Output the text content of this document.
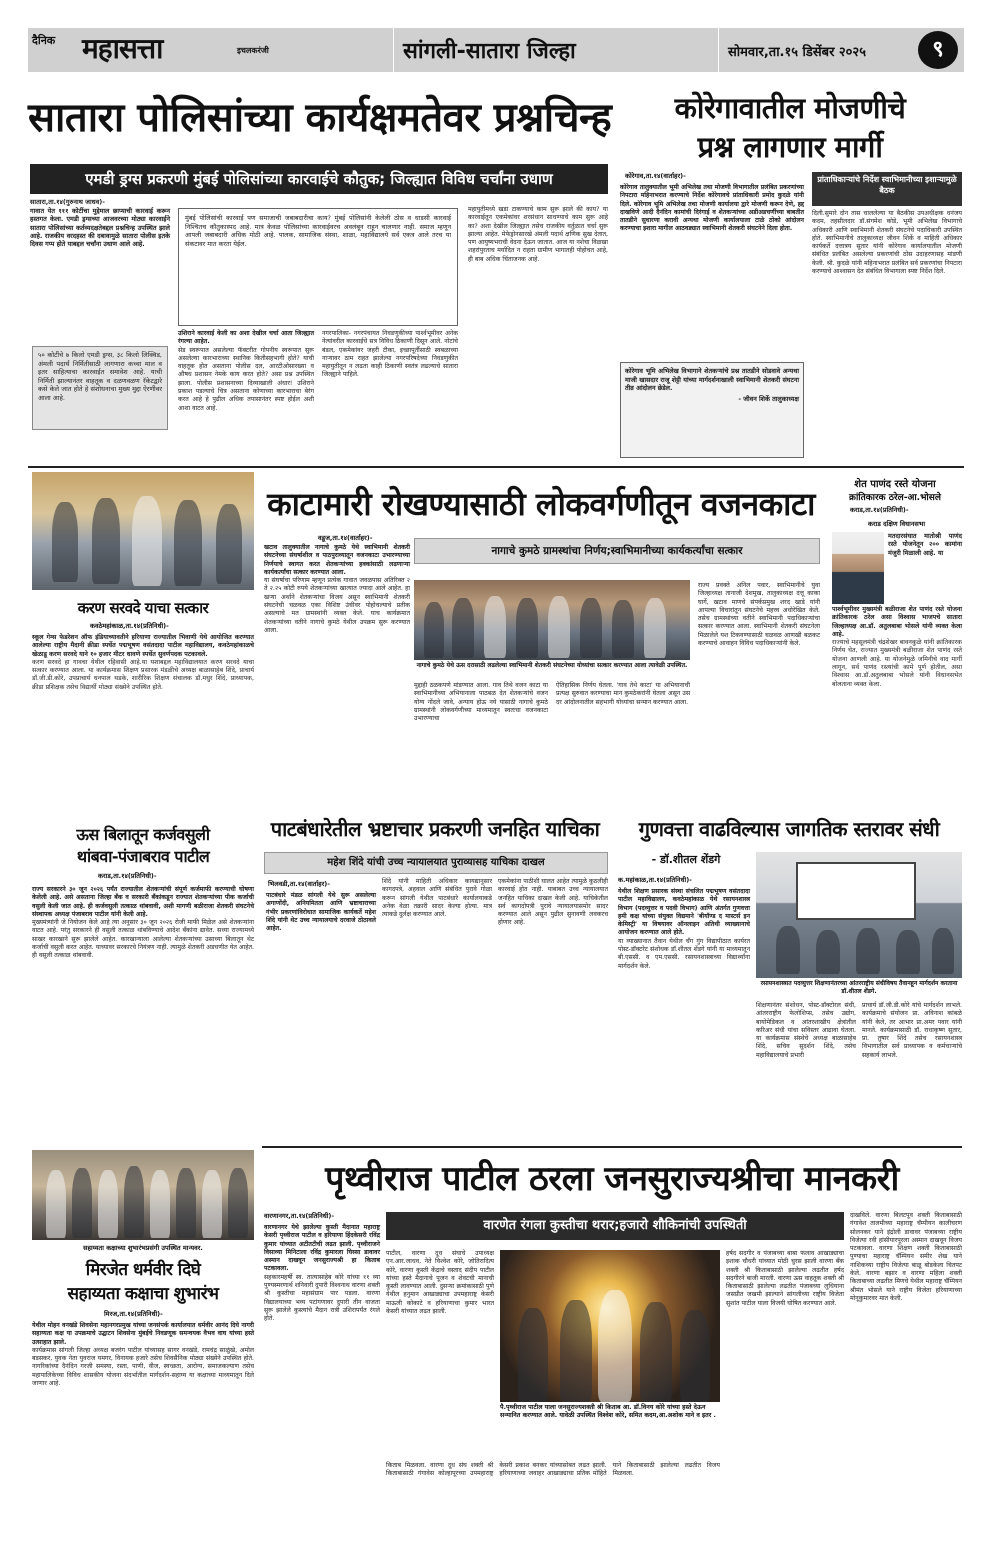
दैनिक महासत्ता	इचलकरंजी	सांगली-सातारा जिल्हा	सोमवार,ता.१५ डिसेंबर २०२५	९
सातारा पोलिसांच्या कार्यक्षमतेवर प्रश्नचिन्ह
एमडी ड्रग्स प्रकरणी मुंबई पोलिसांच्या कारवाईचे कौतुक; जिल्ह्यात विविध चर्चांना उधाण
सातारा,ता.१४(गुरुनाथ जाधव)-
गावात येत १११ कोटींचा मुद्देमाल छाप्याची कारवाई करून हस्तगत केला. एमडी ड्रग्सच्या आजवरच्या मोठ्या कारवाईने सातारा पोलिसांच्या कर्तव्यदक्षतेबद्दल प्रश्नचिन्ह उपस्थित झाले आहे. राजकीय वरदहस्त की दबावामुळे सातारा पोलीस इतके दिवस गप्प होते याबद्दल चर्चांना उधाण आले आहे.
५० कोटींचे ७ किलो एमडी ड्रग्स, ३८ किलो लिक्विड, अंमली पदार्थ निर्मितीसाठी लागणारा कच्चा माल व इतर साहित्याचा कारवाईत समावेश आहे. याची निर्मिती झाल्यानंतर वाहतूक व दळणवळण रॅकेटद्वारे कसे केले जात होते हे संशोधनाचा मुख्य मुद्दा ऐरणीवर आला आहे.
मुंबई पोलिसांची कारवाई पण समाजाची जबाबदारीचा काय? मुंबई पोलिसांनी केलेली ठोस व धाडसी कारवाई निश्चितच कौतुकास्पद आहे. मात्र केवळ पोलिसांच्या कारवाईवरच अवलंबून राहून चालणार नाही. समाज म्हणून आपली जबाबदारी अधिक मोठी आहे. पालक, सामाजिक संस्था, शाळा, महाविद्यालये सर्व एकत्र आले तरच या संकटावर मात करता येईल.
उशिराने कारवाई केली का अशा देखील चर्चा आता जिल्ह्यात रंगल्या आहेत.
सेड स्वरूपात असलेल्या फॅक्टरीत गोपनीय स्वरूपात सुरू असलेल्या कारभाराच्या स्थानिक कितीसहभागी होते? याची वाहतूक होत असताना पोलीस दल, आरटीओसारख्या व औषध प्रशासन नेमके काय करत होते? असा प्रश्न उपस्थित झाला. पोलीस प्रशासनाच्या दिव्याखाली अंधार! उशिराने प्रकाश पडल्याचे चित्र असताना कोणाच्या कारभाराचा बेरंग करत आहे हे पुढील अधिक तपासानंतर स्पष्ट होईल अशी आशा वाटत आहे.
नगरपालिका- नगरपंचायत निवडणुकीच्या पार्श्वभूमीवर अनेक नेत्यांवरील कारवाईचे सत्र विविध ठिकाणी दिसून आले. नोटांचे बंडल, एकमेकांवर जहरी टीका, इच्छापूर्तीसाठी स्वबळाच्या नाऱ्यावर ठाम राहत झालेल्या नगरपरिषदेच्या निवडणुकीत महायुतीतून न लढता काही ठिकाणी स्वतंत्र लढल्याचे सातारा जिल्ह्याने पाहिले.
महायुतीमध्ये खडा टाकण्याचे काम सुरू झाले की काय? या कारवाईतून एकमेकांवर शरसंधान साधण्याचे काम सुरू आहे का? अशा देखील जिल्ह्यात तसेच राजकीय वर्तुळात चर्चा सुरू झाल्या आहेत. मेफेड्रोनसारखे अंमली पदार्थ क्षणिक सुख देतात, पण आयुष्यभराची वेदना देऊन जातात. आज या नशेचा विळखा शहरांपुरताच मर्यादित न राहता ग्रामीण भागातही पोहोचत आहे, ही बाब अधिक चिंताजनक आहे.
कोरेगावातील मोजणीचे
प्रश्न लागणार मार्गी
कोरेगाव,ता.१४(वार्ताहर)-
कोरेगाव तालुक्यातील भूमी अभिलेख तथा मोजणी विभागातील प्रलंबित प्रकरणांच्या निपटारा महिनाभरात करण्याचे निर्देश कोरेगावचे प्रांताधिकारी प्रमोद कुदळे यांनी दिले. कोरेगाव भूमि अभिलेख तथा मोजणी कार्यालया द्वारे मोजणी करून देणे, हद्द दाखविणे आदी दैनंदिन कामांची दिरंगाई व शेतकऱ्यांच्या अडीअडचणींच्या बाबतीत तातडीने सुधारणा करावी अन्यथा मोजणी कार्यालयाला टाळे ठोको आंदोलन करण्याचा इशारा मागील आठवड्यात स्वाभिमानी शेतकरी संघटनेने दिला होता.
कोरेगाव भूमि अभिलेख विभागाने शेतकऱ्यांचे प्रश्न तातडीने सोडवावे अन्यथा माजी खासदार राजू शेट्टी यांच्या मार्गदर्शनाखाली स्वाभिमानी शेतकरी संघटना तीव्र आंदोलन छेडेल.
- जीवन शिर्के तालुकाध्यक्ष
प्रांताधिकाऱ्यांचे निर्देश स्वाभिमानीच्या इशाऱ्यामुळे बैठक
दिली.सुमारे दोन तास चाललेल्या या बैठकीस उपअधीक्षक धनंजय कदम, तहसीलदार डॉ.संगमेश कोडे, भूमी अभिलेख विभागाचे अधिकारी आणि स्वाभिमानी शेतकरी संघटनेचे पदाधिकारी उपस्थित होते. स्वाभिमानीचे तालुकाध्यक्ष जीवन शिर्के व माहिती अधिकार कार्यकर्ते दत्तात्रय सुतार यांनी कोरेगाव कार्यालयातील मोजणी संबंधित प्रलंबित असलेल्या प्रकरणांची ठोस उदाहरणासह मांडणी केली. श्री. कुदळे यांनी महिनाभरात प्रलंबित सर्व प्रकरणांचा निपटारा करण्याचे आश्वासन देत संबंधित विभागाला स्पष्ट निर्देश दिले.
करण सरवदे याचा सत्कार
कवठेमहांकाळ,ता.१४(प्रतिनिधी)-
स्कूल गेम्स फेडरेशन ऑफ इंडियाच्यावतीने हरियाणा राज्यातील भिवाणी येथे आयोजित करण्यात आलेल्या राष्ट्रीय मैदानी क्रीडा स्पर्धेत पद्मभूषण वसंतदादा पाटील महाविद्यालय, कवठेमहांकाळचे खेळाडू करण सरवदे याने १० हजार मीटर धावणे स्पर्धेत सुवर्णपदक पटकावले.
करण सरवदे हा गावचा येथील रहिवासी आहे.या यशाबद्दल महाविद्यालयात करण सरवदे याचा सत्कार करण्यात आला. या कार्यक्रमास शिक्षण प्रसारक मंडळीचे अध्यक्ष बाळासाहेब शिंदे, प्राचार्य डॉ.जी.डी.कोरे, उपप्राचार्य धनपाल थडके, शारीरिक शिक्षण संचालक डॉ.मधुर शिंदे, प्राध्यापक, क्रीडा प्रशिक्षक तसेच विद्यार्थी मोठ्या संख्येने उपस्थित होते.
काटामारी रोखण्यासाठी लोकवर्गणीतून वजनकाटा
वडूज,ता.१४(वार्ताहर)-
खटाव तालुक्यातील नागाचे कुमठे येथे स्वाभिमानी शेतकरी संघटनेच्या संघर्षाशील व पाठपुराव्यातून वजनकाटा उभारण्याच्या निर्णयाचे स्वागत करत शेतकऱ्यांच्या हक्कांसाठी लढणाऱ्या कार्यकर्त्यांचा सत्कार करण्यात आला.
या संघर्षाचा परिणाम म्हणून प्रत्येक गावात जवळपास अतिरिक्त २ ते २.२५ कोटी रुपये शेतकऱ्यांच्या खात्यात ज्यादा आले आहेत. हा खऱ्या अर्थाने शेतकऱ्यांचा विजय असून स्वाभिमानी शेतकरी संघटनेची चळवळ एका विशिष्ट उंचीवर पोहोचल्याचे प्रतीक असल्याचे मत ग्रामस्थांनी व्यक्त केले. याच कार्यक्रमात शेतकऱ्यांच्या वतीने नागाचे कुमठे येथील उपक्रम सुरू करण्यात आला.
नागाचे कुमठे ग्रामस्थांचा निर्णय;स्वाभिमानीच्या कार्यकर्त्यांचा सत्कार
नागाचे कुमठे येथे ऊस दरासाठी लढलेल्या स्वाभिमानी शेतकरी संघटनेच्या योध्यांचा सत्कार करण्यात आला त्यावेळी उपस्थित.
मुद्दाही ठळकपणे मांडण्यात आला. गाव तिथे वजन काटा या स्वाभिमानीच्या अभियानाला पाठबळ देत शेतकऱ्यांचे वजन योग्य नोंदले जावे, अन्याय होऊ नये यासाठी नागाचे कुमठे ग्रामस्थांनी लोकवर्गणीच्या माध्यमातून स्वतःचा वजनकाटा उभारण्याचा
ऐतिहासिक निर्णय घेतला. 'गाव तेथे काटा' या अभियानाची प्रत्यक्ष सुरुवात करण्याचा मान कुमठेकरांनी घेतला असून उस दर आंदोलनातील सहभागी योध्यांचा सन्मान करण्यात आला.
राज्य प्रवक्ते अनिल पवार, स्वाभिमानीचे युवा जिल्हाध्यक्ष तानाजी देशमुख, तालुकाध्यक्ष दत्तू काका घार्गे, खटाव माणचे संपर्कप्रमुख शरद खाडे यांनी आपल्या विचारांतून संघटनेचे महत्त्व अधोरेखित केले. तसेच ग्रामस्थांच्या वतीने स्वाभिमानी पदाधिकाऱ्यांचा सत्कार करण्यात आला. स्वाभिमानी शेतकरी संघटनेला मिळालेले यश टिकवण्यासाठी चळवळ आणखी बळकट करण्याचे आवाहन विविध पदाधिकाऱ्यांनी केले.
शेत पाणंद रस्ते योजना
क्रांतिकारक ठरेल-आ.भोसले
कराड,ता.१४(प्रतिनिधी)-
कराड दक्षिण विधानसभा
मतदारसंघात मातोश्री पाणंद रस्ते योजनेतून २०० कामांना मंजुरी मिळाली आहे. या
पार्श्वभूमीवर मुख्यमंत्री बळीराजा शेत पाणंद रस्ते योजना क्रांतिकारक ठरेल असा विश्वास भाजपचे सातारा जिल्हाध्यक्ष आ.डॉ. अतुलबाबा भोसले यांनी व्यक्त केला आहे.
राज्याचे महसूलमंत्री चंद्रशेखर बावनकुळे यांनी क्रांतिकारक निर्णय घेत, राज्यात मुख्यमंत्री बळीराजा शेत पाणंद रस्ते योजना आणली आहे. या योजनेमुळे जमिनीचे वाद मार्गी लागून, सर्व पाणंद रस्त्यांची कामे पूर्ण होतील, असा विश्वास आ.डॉ.अतुलबाबा भोसले यांनी विधानसभेत बोलताना व्यक्त केला.
ऊस बिलातून कर्जवसुली
थांबवा-पंजाबराव पाटील
कराड,ता.१४(प्रतिनिधी)-
राज्य सरकारने ३० जून २०२६ पर्यंत राज्यातील शेतकऱ्यांची संपूर्ण कर्जमाफी करण्याची घोषणा केलेली आहे. असे असताना जिल्हा बँक व सरकारी बँकांकडून राज्यात शेतकऱ्यांच्या पीक कर्जाची वसुली केली जात आहे. ही कर्जवसुली तत्काळ थांबवावी, अशी मागणी बळीराजा शेतकरी संघटनेचे संस्थापक अध्यक्ष पंजाबराव पाटील यांनी केली आहे.
मुख्यमंत्र्यांनी जे नियोजन केले आहे त्या अनुसार ३० जून २०२६ रोजी माफी मिळेल असे शेतकऱ्यांना वाटत आहे. परंतु सरकारने ही वसुली तत्काळ थांबविण्याचे आदेश बँकांना द्यावेत. सध्या राज्यामध्ये साखर कारखाने सुरू झालेले आहेत. कारखान्याला आलेल्या शेतकऱ्यांच्या उसाच्या बिलातून थेट कर्जाची वसुली करत आहेत. याच्यावर सरकारचे नियंत्रण नाही. त्यामुळे शेतकरी अडचणीत येत आहेत. ही वसुली तत्काळ थांबवावी.
पाटबंधारेतील भ्रष्टाचार प्रकरणी जनहित याचिका
महेश शिंदे यांची उच्च न्यायालयात पुराव्यासह याचिका दाखल
भिलवडी,ता.१४(वार्ताहर)-
पाटबंधारे मंडळ सांगली येथे सुरू असलेल्या अगाणोंदी, अनियमितता आणि भ्रष्टाचाराच्या गंभीर प्रकरणांविरोधात सामाजिक कार्यकर्ते महेश शिंदे यांनी थेट उच्च न्यायालयाचे दरवाजे ठोठावले आहेत.
शिंदे यांनी माहिती अधिकार कायद्यानुसार कागदपत्रे, अहवाल आणि संबंधित पुरावे गोळा करून सांगली येथील पाटबंधारे कार्यालयाकडे अनेक वेळा तक्रारी सादर केल्या होत्या. मात्र त्याकडे दुर्लक्ष करण्यात आले.
एकमेकांना पाठीशी घालत आहेत त्यामुळे कुठलीही कारवाई होत नाही. याबाबत उच्च न्यायालयात जनहित याचिका दाखल केली आहे. याचिकेतील सर्व कागदोपत्री पुरावे न्यायालयासमोर सादर करण्यात आले असून पुढील सुनावणी लवकरच होणार आहे.
गुणवत्ता वाढविल्यास जागतिक स्तरावर संधी
- डॉ.शीतल शेंडगे
क.महांकाळ,ता.१४(प्रतिनिधी)-
येथील शिक्षण प्रसारक संस्था संचलित पद्मभूषण वसंतदादा पाटील महाविद्यालय, कवठेमहांकाळ येथे रसायनशास्त्र विभाग (पदव्युत्तर व पदवी विभाग) आणि अंतर्गत गुणवत्ता हमी कक्ष यांच्या संयुक्त विद्यमाने 'बीयॉण्ड द मास्टर्स इन केमिस्ट्री' या विषयावर ऑनलाइन अतिथी व्याख्यानाचे आयोजन करण्यात आले होते.
या व्याख्यानात तैवान येथील चँग गुंग विद्यापीठात कार्यरत पोस्ट-डॉक्टरेट संशोधक डॉ.शीतल शेंडगे यांनी या माध्यमातून बी.एससी. व एम.एससी. रसायनशास्त्राच्या विद्यार्थ्यांना मार्गदर्शन केले.
रसायनशास्त्रात पदव्युत्तर शिक्षणानंतरच्या आंतरराष्ट्रीय संधीविषय तैवानहून मार्गदर्शन करताना डॉ.शीतल शेंडगे.
शिक्षणानंतर संशोधन, पोस्ट-डॉक्टोरल संधी, आंतरराष्ट्रीय फेलोशिप्स, तसेच उद्योग, बायोमेडिकल व आंतरशाखीय क्षेत्रांतील करिअर संधी यांचा सविस्तर आढावा घेतला. या कार्यक्रमास संस्थेचे अध्यक्ष बाळासाहेब शिंदे, सचिव सुदर्शन शिंदे, तसेच महाविद्यालयाचे प्रभारी
प्राचार्य डॉ.जी.डी.कोरे यांचे मार्गदर्शन लाभले. कार्यक्रमाचे संयोजन प्रा. अविनाश कांबळे यांनी केले, तर आभार प्रा.अमर पवार यांनी मानले. कार्यक्रमासाठी डॉ. राधाकृष्ण सुतार, प्रा. तुषार शिंदे तसेच रसायनशास्त्र विभागातील सर्व प्राध्यापक व कर्मचाऱ्यांचे सहकार्य लाभले.
सहाय्यता कक्षाच्या शुभारंभप्रसंगी उपस्थित मान्यवर.
मिरजेत धर्मवीर दिघे
सहाय्यता कक्षाचा शुभारंभ
मिरज,ता.१४(प्रतिनिधी)-
येथील मोहन वनखंडे शिवसेना महानगरप्रमुख यांच्या जनसंपर्क कार्यालयात धर्मवीर आनंद दिघे नागरी सहाय्यता कक्ष या उपक्रमाचे उद्घाटन शिवसेना मुंबईचे निवडणूक समन्वयक वैभव वाघ यांच्या हस्ते उत्साहात झाले.
कार्यक्रमास सांगली जिल्हा अध्यक्ष बजरंग पाटील यांच्यासह सागर वनखंडे, रामचंद्र साळुंखे, अमोल बडसकर, युवक नेता युवराज यमगर, विनायक हजारे तसेच शिवसैनिक मोठ्या संख्येने उपस्थित होते. नागरिकांच्या दैनंदिन गरजी समस्या, रस्ता, पाणी, वीज, स्वच्छता, आरोग्य, समाजकल्याण तसेच महापालिकेच्या विविध शासकीय योजना संदर्भातील मार्गदर्शन-सहाय्य या कक्षाच्या माध्यमातून दिले जाणार आहे.
पृथ्वीराज पाटील ठरला जनसुराज्यश्रीचा मानकरी
वारणानगर,ता.१४(प्रतिनिधी)-
वारणानगर येथे झालेल्या कुस्ती मैदानात महाराष्ट्र केसरी पृथ्वीराज पाटील व हरियाणा हिंदकेसरी रविंद्र कुमार यांच्यात अटीतटीची लढत झाली. पृथ्वीराजने विसाव्या मिनिटाला रविंद्र कुमारला घिस्सा डावावर अस्मान दाखवून जनसुराज्यश्री हा किताब पटकावला.
सहकारमहर्षी स्व. तात्यासाहेब कोरे यांच्या ११ व्या पुण्यस्मरणार्थ शनिवारी दुपारी विश्वनाथ वारणा शक्ती श्री कुस्तीचा महासंग्राम पार पडला. वारणा विद्यालयाच्या भव्य पटांगणावर दुपारी तीन वाजता सुरू झालेले कुस्त्यांचे मैदान रात्री उशिरापर्यंत रंगले होते.
वारणेत रंगला कुस्तीचा थरार;हजारो शौकिनांची उपस्थिती
पाटील, वारणा दूध संघाचे उपाध्यक्ष एन.आर.जाधव, नेते विश्वेश कोरे, जोतिरादित्य कोरे, वारणा कुस्ती केंद्राचे वस्ताद संदीप पाटील यांच्या हस्ते मैदानाचे पूजन व शेवटची मानाची कुस्ती लावण्यात आली. दुसऱ्या क्रमांकासाठी पुणे येथील हनुमान आखाड्याचा उपमहाराष्ट्र केसरी माऊली कोकाटे व हरियाणाचा कुमार भारत केसरी यांच्यात लढत झाली.
पै.पृथ्वीराज पाटील याला जनसुराज्यशक्ती श्री किताब आ. डॉ.विनय कोरे यांच्या हस्ते देऊन सन्मानित करण्यात आले. यावेळी उपस्थित विश्वेश कोरे, समित कदम,आ.अशोक माने व इतर .
किताब मिळवला. वारणा दूध संघ शक्ती श्री किताबासाठी गंगावेस कोल्हापूरच्या उपमहाराष्ट्र केसरी प्रकाश बनकर यांच्यासोबत लढत झाली. हरियाणाच्या जवाहर आखाड्याचा प्रतिक मोहिते याने किताबासाठी झालेल्या लढतीत विजय मिळवला.
हर्षद सदगीर व पंजाबच्या बाबा फलाव आखाड्याचा इशाक चौधरी यांच्यात मोठी चुरस झाली वारणा बँक शक्ती श्री किताबासाठी झालेल्या लढतीत हर्षद सदगीरने बाजी मारली. वारणा ऊस वाहतूक शक्ती श्री किताबासाठी झालेल्या लढतीत पंजाबच्या लुधियाना जसप्रीत जखमी झाल्याने सांगलीच्या राष्ट्रीय विजेता सुशांत पाटील याला विजयी घोषित करण्यात आले.
दाखविले. वारणा बिलटपूव शक्ती किताबासाठी गंगावेश तालमीच्या महाराष्ट्र चॅम्पीयन कालीचरण सोलनकर याने इंद्रोली डावावर पंजाबच्या राष्ट्रीय विजेत्या रवी हांसीयारपूरला अस्मान दाखवून विजय पटकावला. वारणा शिक्षण शक्ती किताबासाठी पुण्याचा महाराष्ट्र चॅम्पियन समीर शेख याने नाशिकच्या राष्ट्रीय विजेत्या बाळू बोडकेला चितपट केले. वारणा बझार व वारणा महिला शक्ती किताबाच्या लढतीत मिणचे येथील महाराष्ट्र चॅम्पियन श्रीमंत भोसले याने राष्ट्रीय विजेता हरियाणाच्या मोनूकुमारवर मात केली.
